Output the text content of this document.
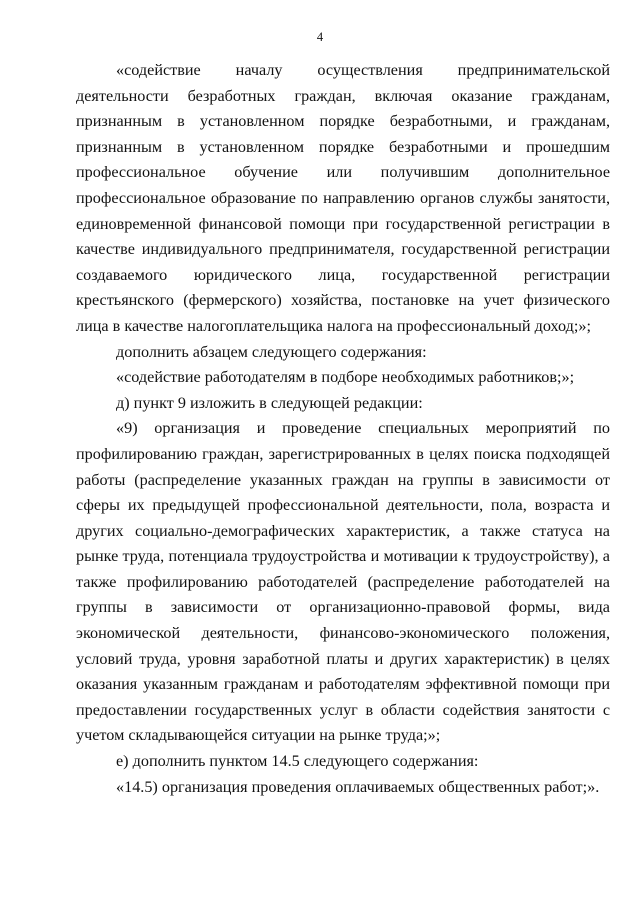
4

«содействие началу осуществления предпринимательской деятельности безработных граждан, включая оказание гражданам, признанным в установленном порядке безработными, и гражданам, признанным в установленном порядке безработными и прошедшим профессиональное обучение или получившим дополнительное профессиональное образование по направлению органов службы занятости, единовременной финансовой помощи при государственной регистрации в качестве индивидуального предпринимателя, государственной регистрации создаваемого юридического лица, государственной регистрации крестьянского (фермерского) хозяйства, постановке на учет физического лица в качестве налогоплательщика налога на профессиональный доход;»;

дополнить абзацем следующего содержания:

«содействие работодателям в подборе необходимых работников;»;

д) пункт 9 изложить в следующей редакции:

«9) организация и проведение специальных мероприятий по профилированию граждан, зарегистрированных в целях поиска подходящей работы (распределение указанных граждан на группы в зависимости от сферы их предыдущей профессиональной деятельности, пола, возраста и других социально-демографических характеристик, а также статуса на рынке труда, потенциала трудоустройства и мотивации к трудоустройству), а также профилированию работодателей (распределение работодателей на группы в зависимости от организационно-правовой формы, вида экономической деятельности, финансово-экономического положения, условий труда, уровня заработной платы и других характеристик) в целях оказания указанным гражданам и работодателям эффективной помощи при предоставлении государственных услуг в области содействия занятости с учетом складывающейся ситуации на рынке труда;»;

е) дополнить пунктом 14.5 следующего содержания:

«14.5) организация проведения оплачиваемых общественных работ;».
